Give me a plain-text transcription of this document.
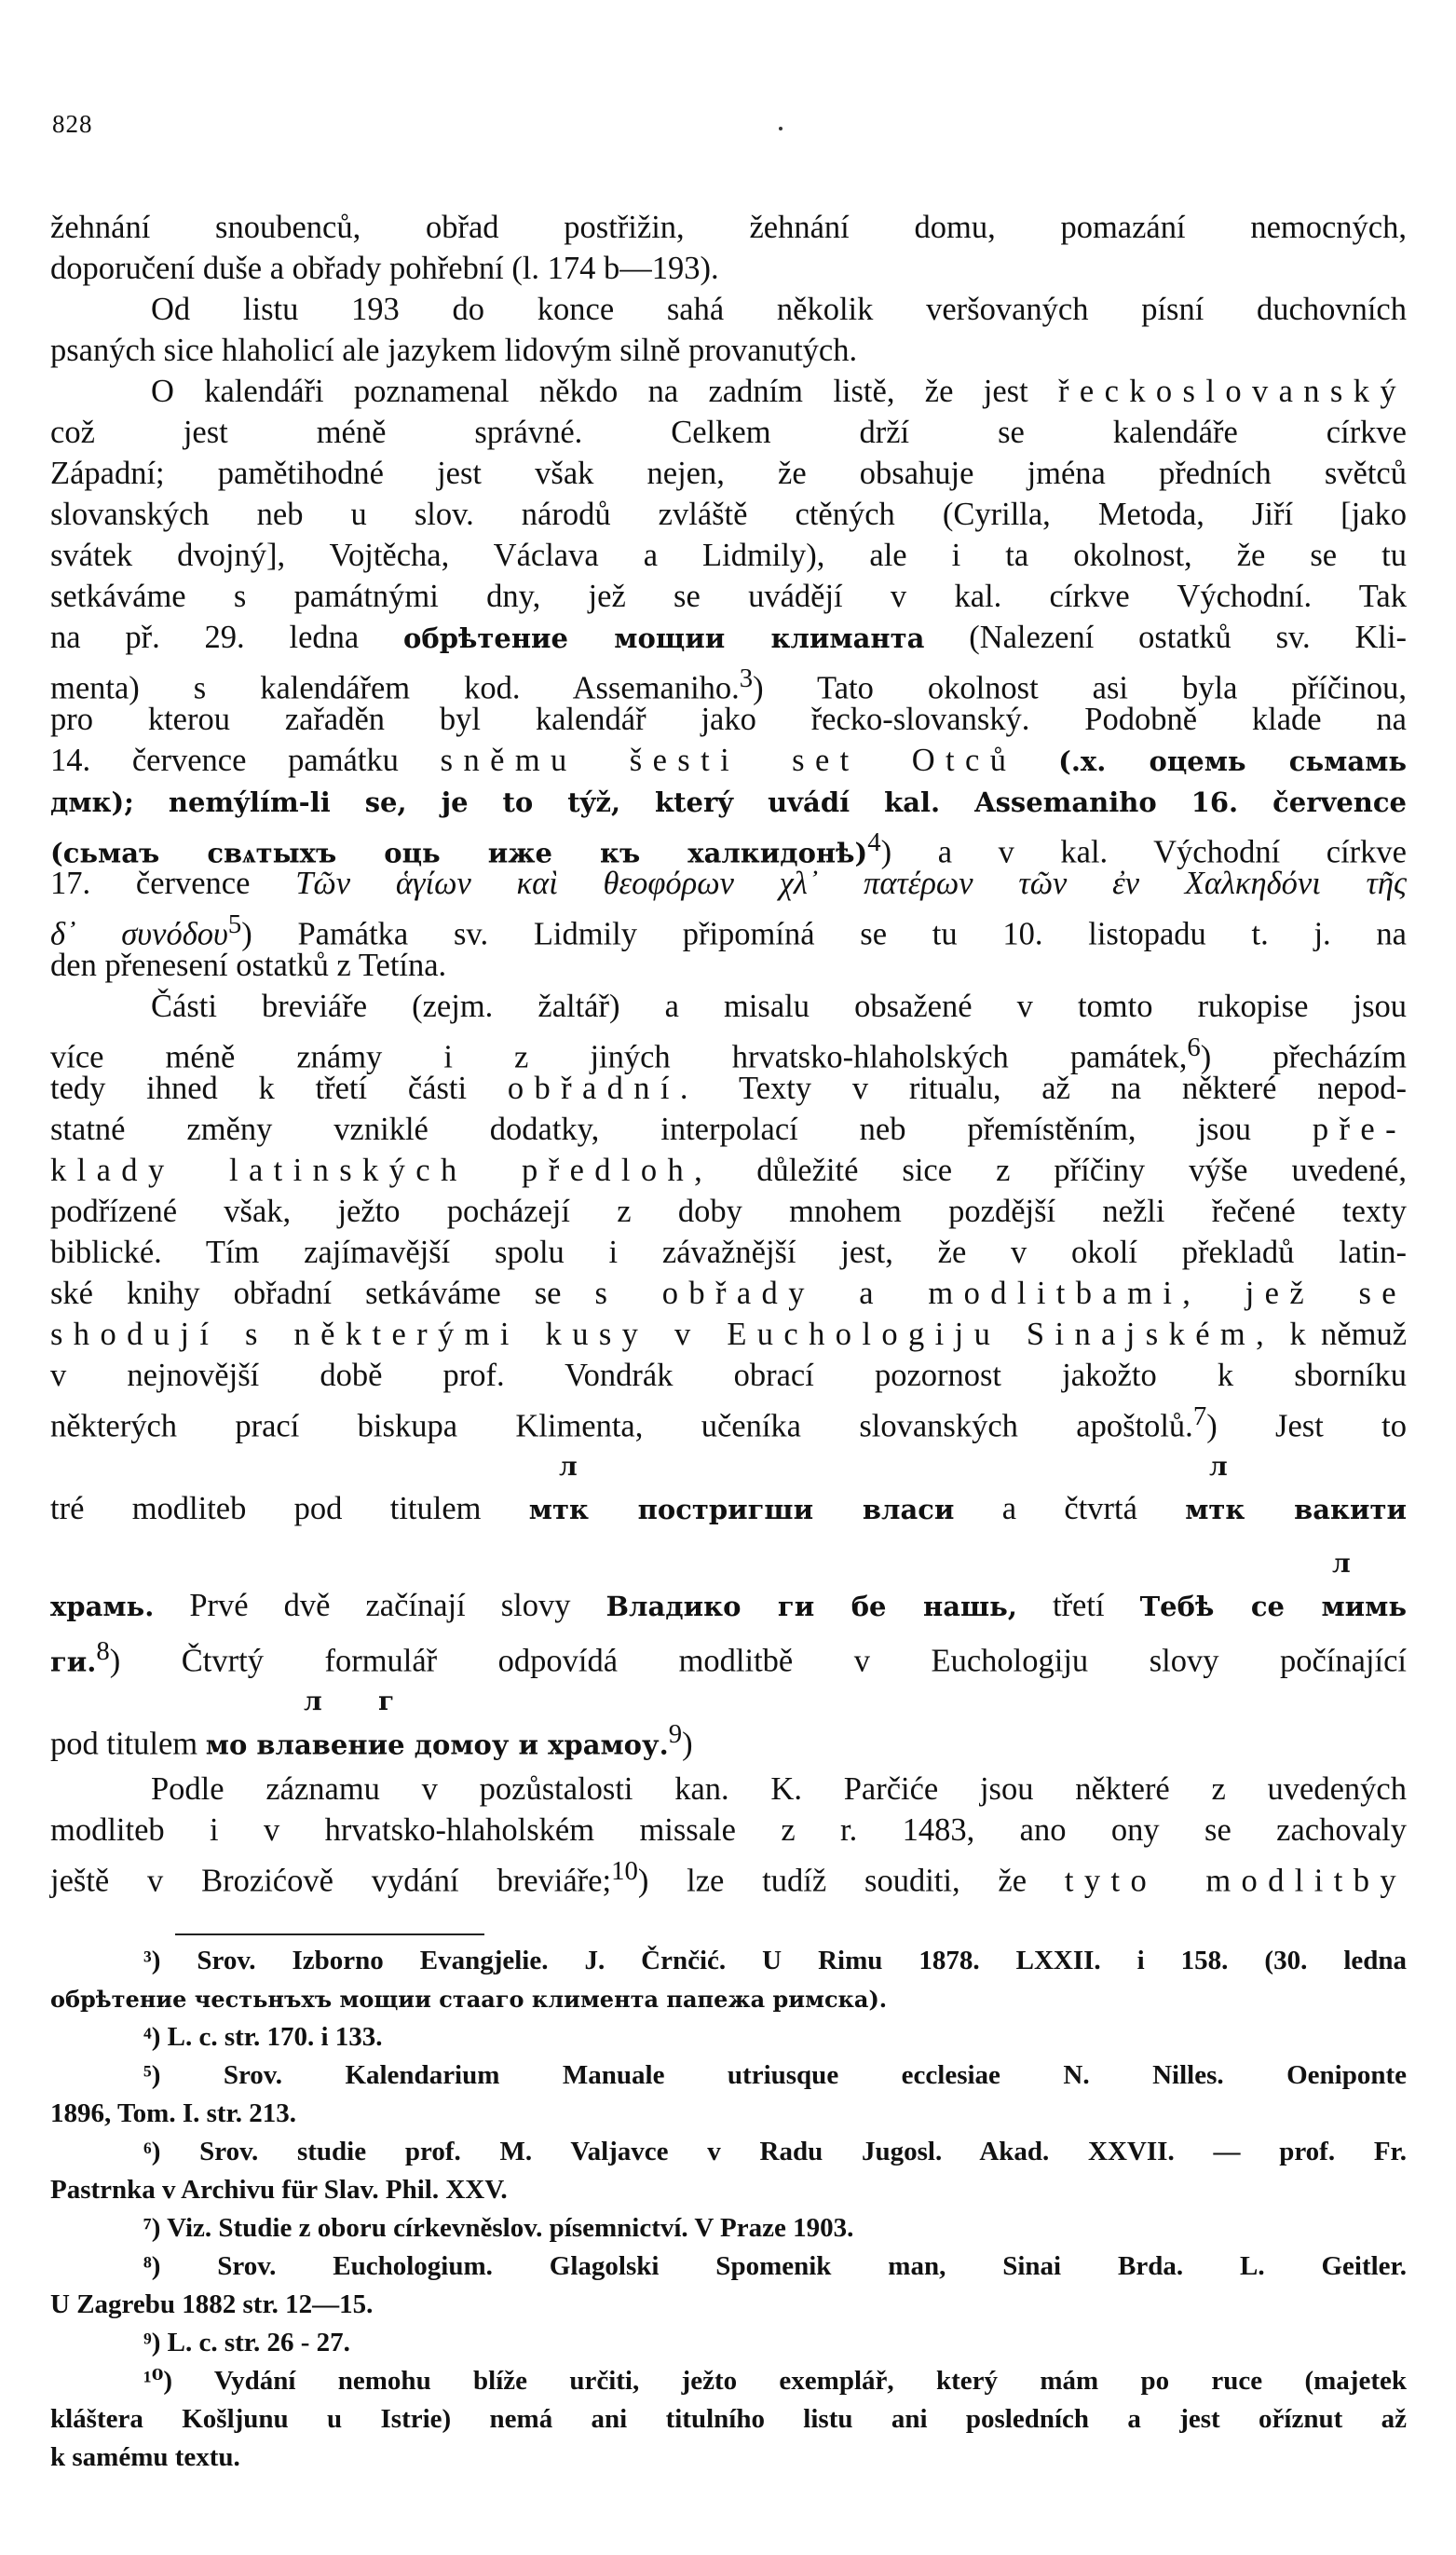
828
žehnání snoubenců, obřad postřižin, žehnání domu, pomazání nemocných,
doporučení duše a obřady pohřební (l. 174 b—193).
Od listu 193 do konce sahá několik veršovaných písní duchovních
psaných sice hlaholicí ale jazykem lidovým silně provanutých.
O kalendáři poznamenal někdo na zadním listě, že jest řeckoslovanský
což jest méně správné. Celkem drží se kalendáře církve
Západní; pamětihodné jest však nejen, že obsahuje jména předních světců
slovanských neb u slov. národů zvláště ctěných (Cyrilla, Metoda, Jiří [jako
svátek dvojný], Vojtěcha, Václava a Lidmily), ale i ta okolnost, že se tu
setkáváme s památnými dny, jež se uvádějí v kal. církve Východní. Tak
na př. 29. ledna обрѣтение мощии климанта (Nalezení ostatků sv. Kli-
menta) s kalendářem kod. Assemaniho.$^3$) Tato okolnost asi byla příčinou,
pro kterou zařaděn byl kalendář jako řecko-slovanský. Podobně klade na
14. července památku sněmu šesti set Otců (.х. оцемь сьмамь
дмк); nemýlím-li se, je to týž, který uvádí kal. Assemaniho 16. července
(сьмаъ свѧтыхъ оць иже къ халкидонѣ)$^4$) a v kal. Východní církve
17. července Τῶν ἁγίων καὶ θεοφόρων χλ᾽ πατέρων τῶν ἐν Χαλκηδόνι τῆς
δ᾽ συνόδου$^5$) Památka sv. Lidmily připomíná se tu 10. listopadu t. j. na
den přenesení ostatků z Tetína.
Části breviáře (zejm. žaltář) a misalu obsažené v tomto rukopise jsou
více méně známy i z jiných hrvatsko-hlaholských památek,$^6$) přecházím
tedy ihned k třetí části obřadní. Texty v ritualu, až na některé nepod-
statné změny vzniklé dodatky, interpolací neb přemístěním, jsou pře-
klady latinských předloh, důležité sice z příčiny výše uvedené,
podřízené však, ježto pocházejí z doby mnohem pozdější nežli řečené texty
biblické. Tím zajímavější spolu i závažnější jest, že v okolí překladů latin-
ské knihy obřadní setkáváme se s obřady a modlitbami, jež se
shodují s některými kusy v Euchologiju Sinajském, k němuž
v nejnovější době prof. Vondrák obrací pozornost jakožto k sborníku
některých prací biskupa Klimenta, učeníka slovanských apoštolů.$^7$) Jest to
л	л
tré modliteb pod titulem мтк постригши власи a čtvrtá мтк вакити
л
храмь. Prvé dvě začínají slovy Владико ги бе нашь, třetí Тебѣ се мимь
ги.$^8$) Čtvrtý formulář odpovídá modlitbě v Euchologiju slovy počínající
л г
pod titulem мо влавение домоу и храмоу.$^9$)
Podle záznamu v pozůstalosti kan. K. Parčiće jsou některé z uvedených
modliteb i v hrvatsko-hlaholském missale z r. 1483, ano ony se zachovaly
ještě v Brozićově vydání breviáře;$^{10}$) lze tudíž souditi, že tyto modlitby
³) Srov. Izborno Evangjelie. J. Črnčić. U Rimu 1878. LXXII. i 158. (30. ledna
обрѣтение честьнъхъ мощии стааго климента папежа римска).
⁴) L. c. str. 170. i 133.
⁵) Srov. Kalendarium Manuale utriusque ecclesiae N. Nilles. Oeniponte
1896, Tom. I. str. 213.
⁶) Srov. studie prof. M. Valjavce v Radu Jugosl. Akad. XXVII. — prof. Fr.
Pastrnka v Archivu für Slav. Phil. XXV.
⁷) Viz. Studie z oboru církevněslov. písemnictví. V Praze 1903.
⁸) Srov. Euchologium. Glagolski Spomenik man, Sinai Brda. L. Geitler.
U Zagrebu 1882 str. 12—15.
⁹) L. c. str. 26 - 27.
¹⁰) Vydání nemohu blíže určiti, ježto exemplář, který mám po ruce (majetek
kláštera Košljunu u Istrie) nemá ani titulního listu ani posledních a jest oříznut až
k samému textu.
